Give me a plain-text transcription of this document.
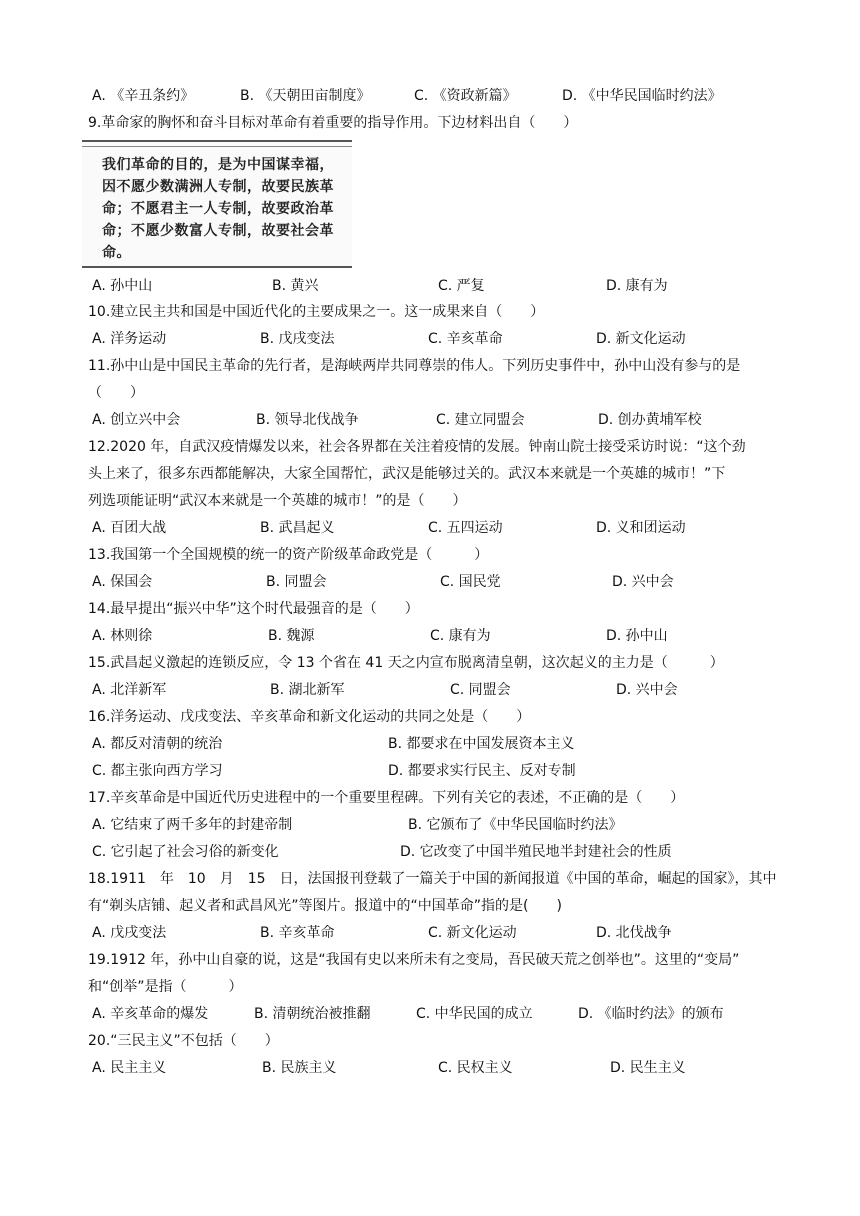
A. 《辛丑条约》	B. 《天朝田亩制度》	C. 《资政新篇》	D. 《中华民国临时约法》
9.革命家的胸怀和奋斗目标对革命有着重要的指导作用。下边材料出自（　　）
我们革命的目的，是为中国谋幸福，因不愿少数满洲人专制，故要民族革命；不愿君主一人专制，故要政治革命；不愿少数富人专制，故要社会革命。
A. 孙中山	B. 黄兴	C. 严复	D. 康有为
10.建立民主共和国是中国近代化的主要成果之一。这一成果来自（　　）
A. 洋务运动	B. 戊戌变法	C. 辛亥革命	D. 新文化运动
11.孙中山是中国民主革命的先行者，是海峡两岸共同尊崇的伟人。下列历史事件中，孙中山没有参与的是
（　　）
A. 创立兴中会	B. 领导北伐战争	C. 建立同盟会	D. 创办黄埔军校
12.2020 年，自武汉疫情爆发以来，社会各界都在关注着疫情的发展。钟南山院士接受采访时说：“这个劲
头上来了，很多东西都能解决，大家全国帮忙，武汉是能够过关的。武汉本来就是一个英雄的城市！”下
列选项能证明“武汉本来就是一个英雄的城市！”的是（　　）
A. 百团大战	B. 武昌起义	C. 五四运动	D. 义和团运动
13.我国第一个全国规模的统一的资产阶级革命政党是（　　　）
A. 保国会	B. 同盟会	C. 国民党	D. 兴中会
14.最早提出“振兴中华”这个时代最强音的是（　　）
A. 林则徐	B. 魏源	C. 康有为	D. 孙中山
15.武昌起义激起的连锁反应，令 13 个省在 41 天之内宣布脱离清皇朝，这次起义的主力是（　　　）
A. 北洋新军	B. 湖北新军	C. 同盟会	D. 兴中会
16.洋务运动、戊戌变法、辛亥革命和新文化运动的共同之处是（　　）
A. 都反对清朝的统治	B. 都要求在中国发展资本主义
C. 都主张向西方学习	D. 都要求实行民主、反对专制
17.辛亥革命是中国近代历史进程中的一个重要里程碑。下列有关它的表述，不正确的是（　　）
A. 它结束了两千多年的封建帝制	B. 它颁布了《中华民国临时约法》
C. 它引起了社会习俗的新变化	D. 它改变了中国半殖民地半封建社会的性质
18.1911　年　10　月　15　日，法国报刊登载了一篇关于中国的新闻报道《中国的革命，崛起的国家》，其中
有“剃头店铺、起义者和武昌风光”等图片。报道中的“中国革命”指的是(　　)
A. 戊戌变法	B. 辛亥革命	C. 新文化运动	D. 北伐战争
19.1912 年，孙中山自豪的说，这是“我国有史以来所未有之变局，吾民破天荒之创举也”。这里的“变局”
和“创举”是指（　　　）
A. 辛亥革命的爆发	B. 清朝统治被推翻	C. 中华民国的成立	D. 《临时约法》的颁布
20.“三民主义”不包括（　　）
A. 民主主义	B. 民族主义	C. 民权主义	D. 民生主义
